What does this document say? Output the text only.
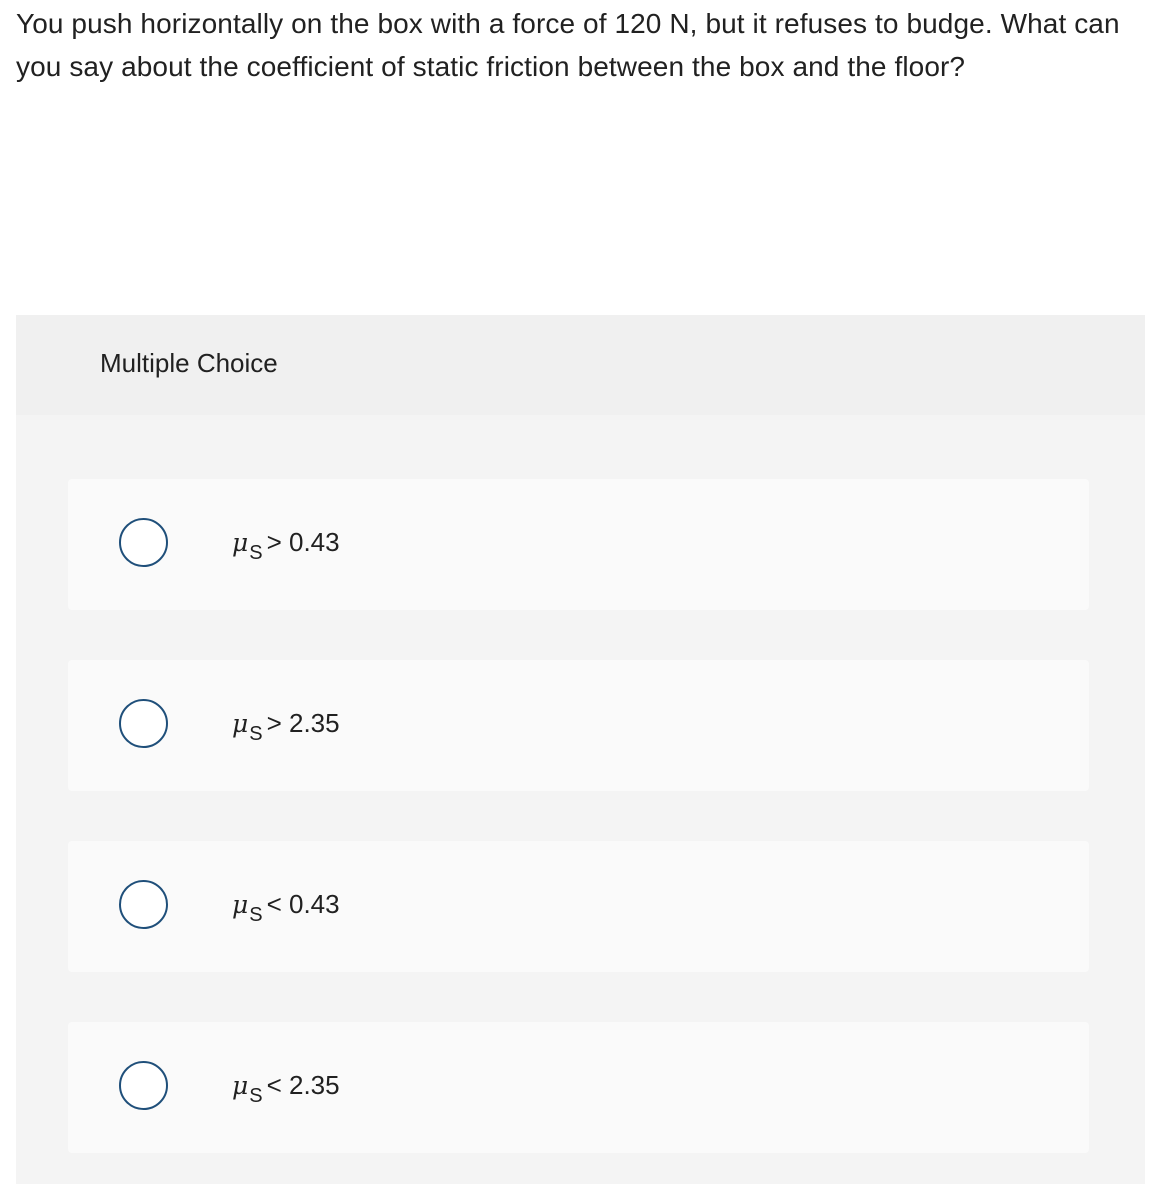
You push horizontally on the box with a force of 120 N, but it refuses to budge. What can you say about the coefficient of static friction between the box and the floor?

Multiple Choice
$\mu_S > 0.43$
$\mu_S > 2.35$
$\mu_S < 0.43$
$\mu_S < 2.35$
